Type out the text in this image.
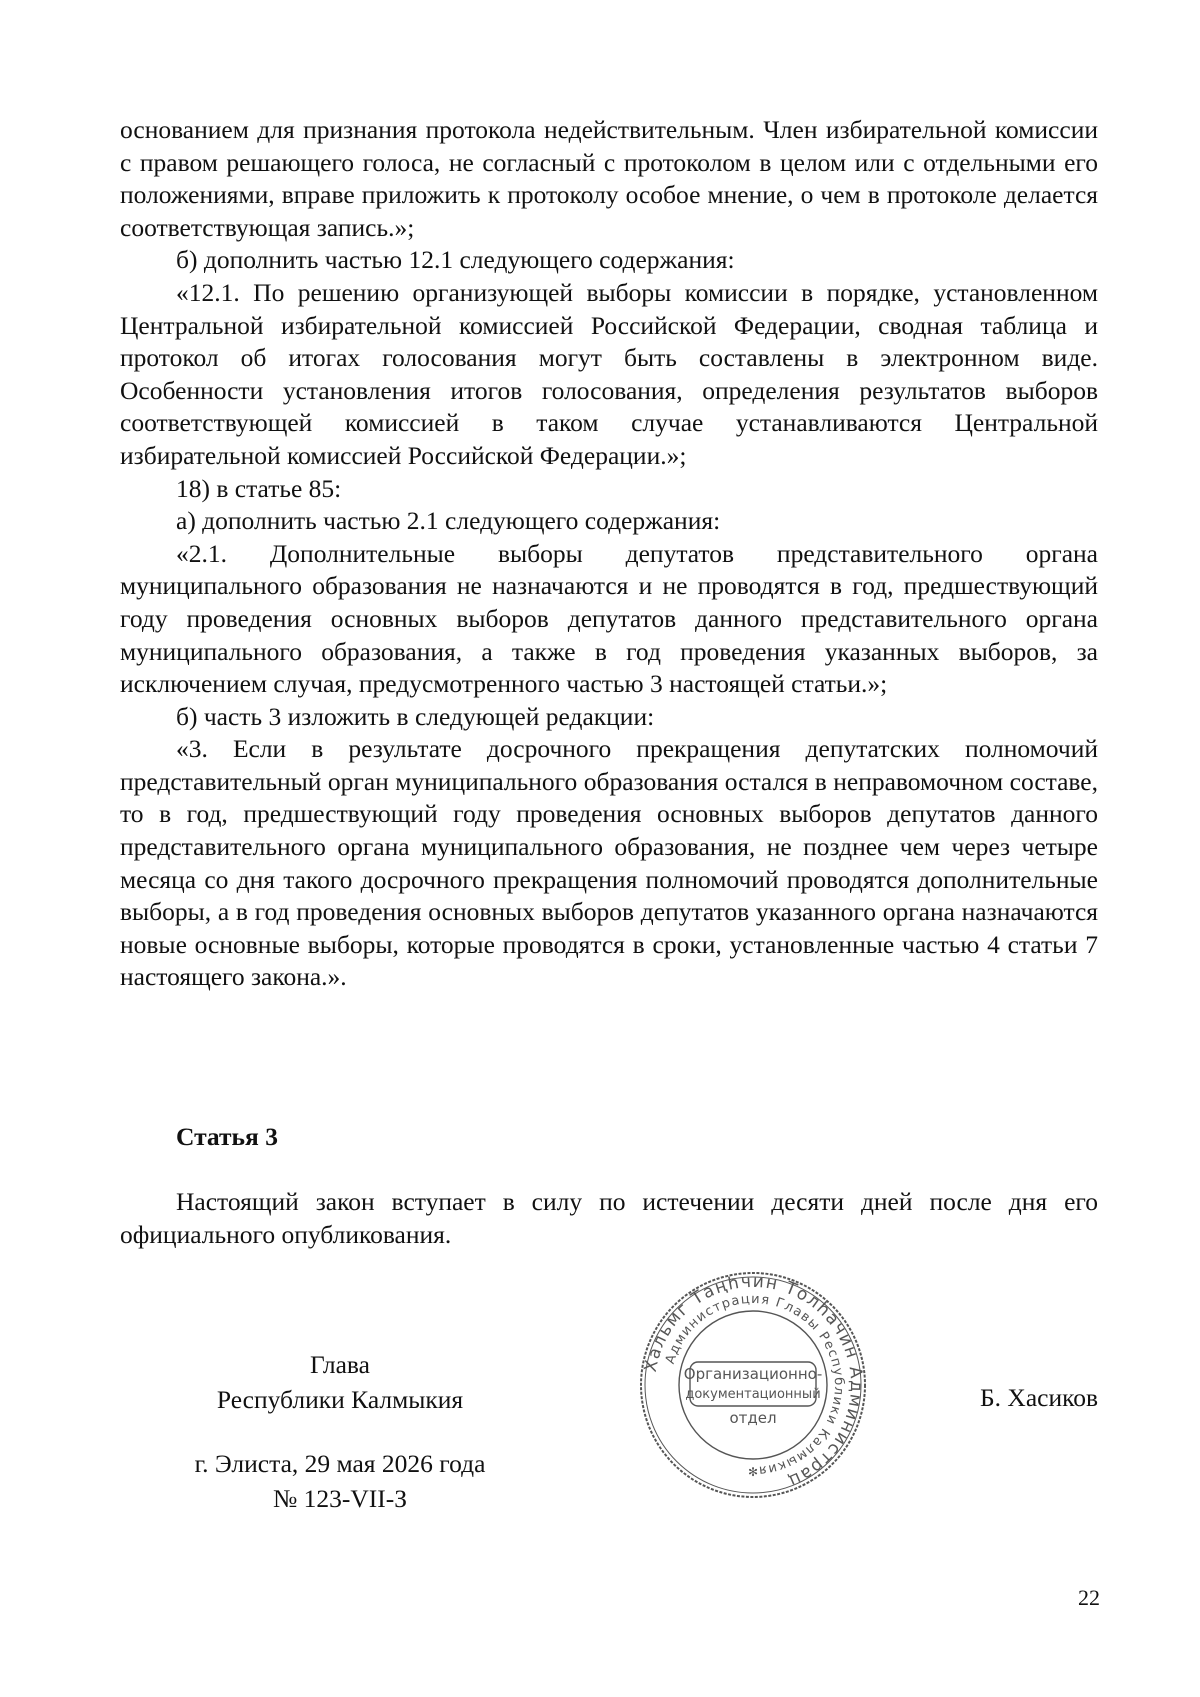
основанием для признания протокола недействительным. Член избирательной комиссии с правом решающего голоса, не согласный с протоколом в целом или с отдельными его положениями, вправе приложить к протоколу особое мнение, о чем в протоколе делается соответствующая запись.»;

б) дополнить частью 12.1 следующего содержания:

«12.1. По решению организующей выборы комиссии в порядке, установленном Центральной избирательной комиссией Российской Федерации, сводная таблица и протокол об итогах голосования могут быть составлены в электронном виде. Особенности установления итогов голосования, определения результатов выборов соответствующей комиссией в таком случае устанавливаются Центральной избирательной комиссией Российской Федерации.»;

18) в статье 85:

а) дополнить частью 2.1 следующего содержания:

«2.1. Дополнительные выборы депутатов представительного органа муниципального образования не назначаются и не проводятся в год, предшествующий году проведения основных выборов депутатов данного представительного органа муниципального образования, а также в год проведения указанных выборов, за исключением случая, предусмотренного частью 3 настоящей статьи.»;

б) часть 3 изложить в следующей редакции:

«3. Если в результате досрочного прекращения депутатских полномочий представительный орган муниципального образования остался в неправомочном составе, то в год, предшествующий году проведения основных выборов депутатов данного представительного органа муниципального образования, не позднее чем через четыре месяца со дня такого досрочного прекращения полномочий проводятся дополнительные выборы, а в год проведения основных выборов депутатов указанного органа назначаются новые основные выборы, которые проводятся в сроки, установленные частью 4 статьи 7 настоящего закона.».

Статья 3

Настоящий закон вступает в силу по истечении десяти дней после дня его официального опубликования.

Глава
Республики Калмыкия	Б. Хасиков
г. Элиста, 29 мая 2026 года
№ 123-VII-З
Хальмг Таңһчин Толһачин Администрац
Администрация Главы Республики Калмыкия
Организационно-
документационный
отдел
✻
22
